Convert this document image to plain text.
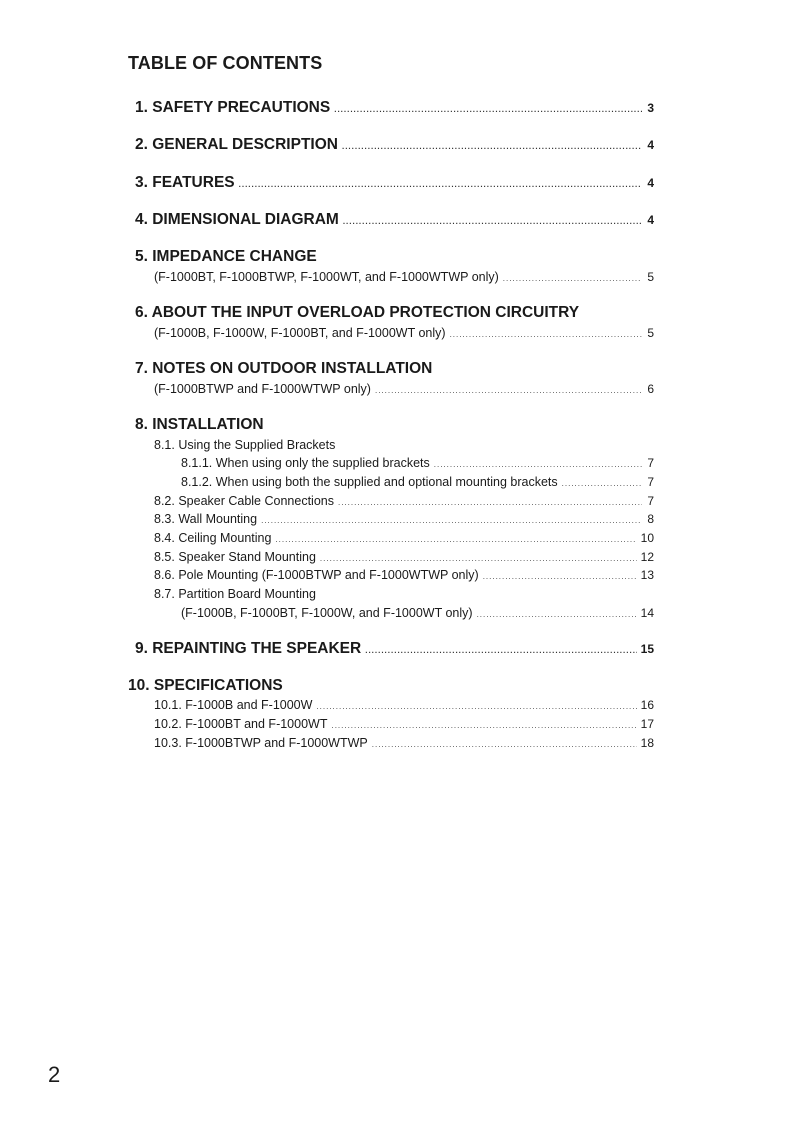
TABLE OF CONTENTS
1. SAFETY PRECAUTIONS .....	3
2. GENERAL DESCRIPTION .....	4
3. FEATURES .....	4
4. DIMENSIONAL DIAGRAM .....	4
5. IMPEDANCE CHANGE
(F-1000BT, F-1000BTWP, F-1000WT, and F-1000WTWP only) .....	5
6. ABOUT THE INPUT OVERLOAD PROTECTION CIRCUITRY
(F-1000B, F-1000W, F-1000BT, and F-1000WT only) .....	5
7. NOTES ON OUTDOOR INSTALLATION
(F-1000BTWP and F-1000WTWP only) .....	6
8. INSTALLATION
8.1. Using the Supplied Brackets
8.1.1. When using only the supplied brackets .....	7
8.1.2. When using both the supplied and optional mounting brackets .....	7
8.2. Speaker Cable Connections .....	7
8.3. Wall Mounting .....	8
8.4. Ceiling Mounting .....	10
8.5. Speaker Stand Mounting .....	12
8.6. Pole Mounting (F-1000BTWP and F-1000WTWP only) .....	13
8.7. Partition Board Mounting
(F-1000B, F-1000BT, F-1000W, and F-1000WT only) .....	14
9. REPAINTING THE SPEAKER .....	15
10. SPECIFICATIONS
10.1. F-1000B and F-1000W .....	16
10.2. F-1000BT and F-1000WT .....	17
10.3. F-1000BTWP and F-1000WTWP .....	18
2
